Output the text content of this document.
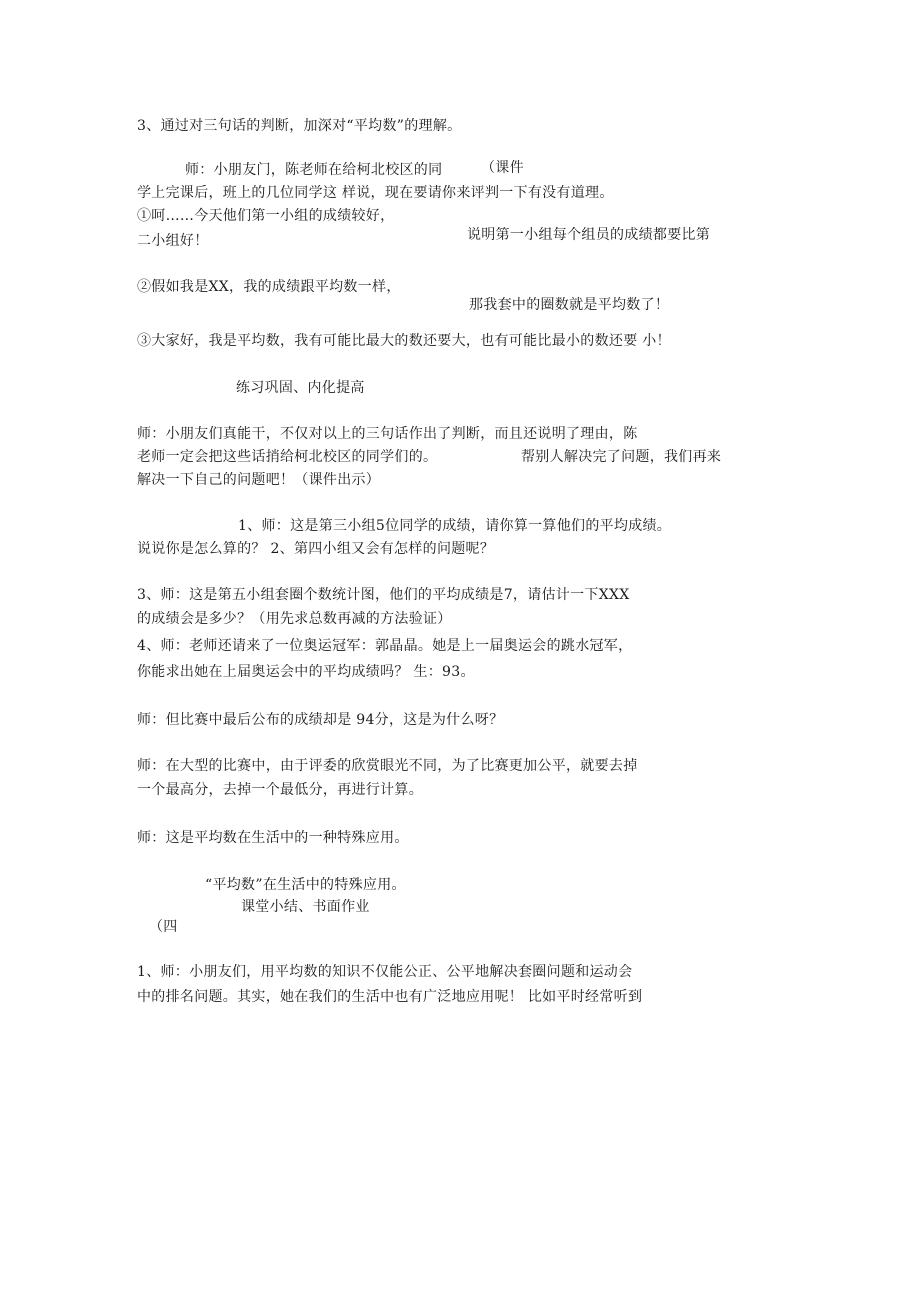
3、通过对三句话的判断，加深对“平均数”的理解。
师：小朋友门，陈老师在给柯北校区的同	（课件
学上完课后，班上的几位同学这 样说，现在要请你来评判一下有没有道理。
①呵……今天他们第一小组的成绩较好，
说明第一小组每个组员的成绩都要比第
二小组好！
②假如我是XX，我的成绩跟平均数一样，
那我套中的圈数就是平均数了！
③大家好，我是平均数，我有可能比最大的数还要大，也有可能比最小的数还要 小！
练习巩固、内化提高
师：小朋友们真能干，不仅对以上的三句话作出了判断，而且还说明了理由，陈
老师一定会把这些话捎给柯北校区的同学们的。	帮别人解决完了问题，我们再来
解决一下自己的问题吧！（课件出示）
1、师：这是第三小组5位同学的成绩，请你算一算他们的平均成绩。
说说你是怎么算的？ 2、第四小组又会有怎样的问题呢？
3、师：这是第五小组套圈个数统计图，他们的平均成绩是7，请估计一下XXX
的成绩会是多少？（用先求总数再减的方法验证）
4、师：老师还请来了一位奥运冠军：郭晶晶。她是上一届奥运会的跳水冠军，
你能求出她在上届奥运会中的平均成绩吗？ 生：93。
师：但比赛中最后公布的成绩却是 94分，这是为什么呀？
师：在大型的比赛中，由于评委的欣赏眼光不同，为了比赛更加公平，就要去掉
一个最高分，去掉一个最低分，再进行计算。
师：这是平均数在生活中的一种特殊应用。
“平均数”在生活中的特殊应用。
课堂小结、书面作业
（四
1、师：小朋友们，用平均数的知识不仅能公正、公平地解决套圈问题和运动会
中的排名问题。其实，她在我们的生活中也有广泛地应用呢！ 比如平时经常听到
